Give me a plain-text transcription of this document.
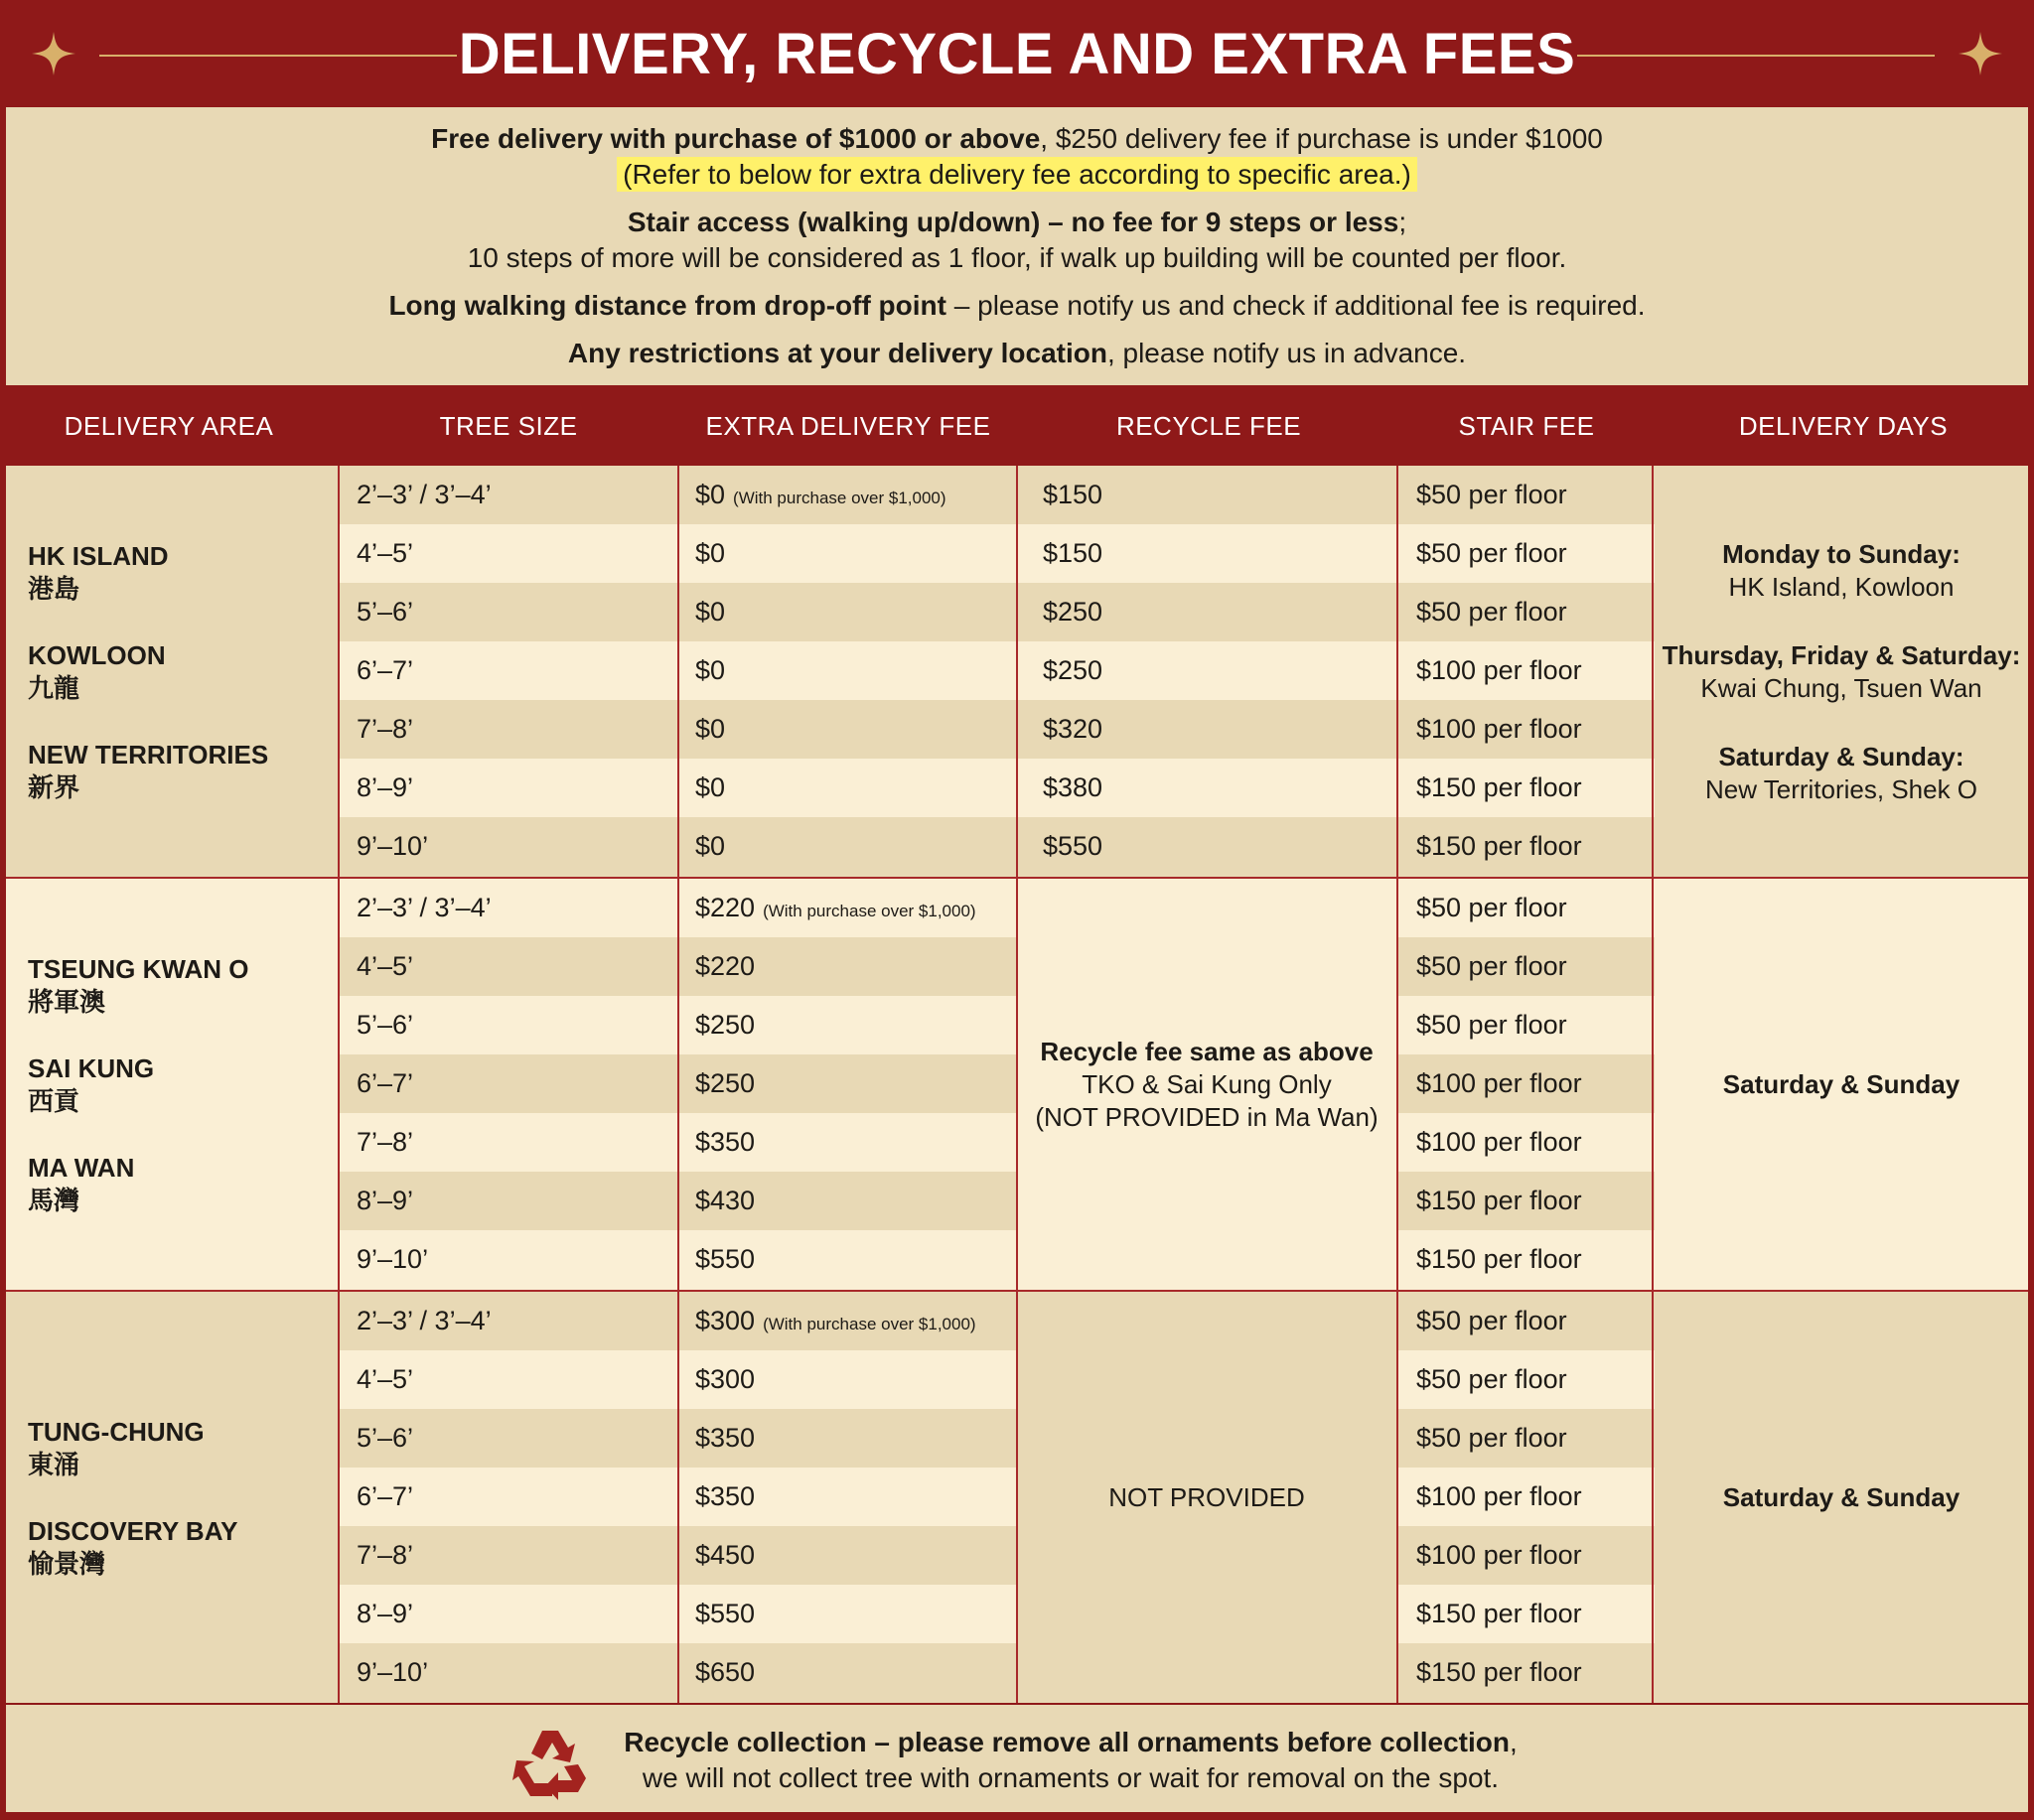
DELIVERY, RECYCLE AND EXTRA FEES

Free delivery with purchase of $1000 or above, $250 delivery fee if purchase is under $1000

(Refer to below for extra delivery fee according to specific area.)

Stair access (walking up/down) – no fee for 9 steps or less;

10 steps of more will be considered as 1 floor, if walk up building will be counted per floor.

Long walking distance from drop-off point – please notify us and check if additional fee is required.

Any restrictions at your delivery location, please notify us in advance.

DELIVERY AREA	TREE SIZE	EXTRA DELIVERY FEE	RECYCLE FEE	STAIR FEE	DELIVERY DAYS
HK ISLAND
港島
KOWLOON
九龍
NEW TERRITORIES
新界
2’–3’ / 3’–4’	$0 (With purchase over $1,000)	$150	$50 per floor
4’–5’	$0	$150	$50 per floor
5’–6’	$0	$250	$50 per floor
6’–7’	$0	$250	$100 per floor
7’–8’	$0	$320	$100 per floor
8’–9’	$0	$380	$150 per floor
9’–10’	$0	$550	$150 per floor
Monday to Sunday:
HK Island, Kowloon
Thursday, Friday & Saturday:
Kwai Chung, Tsuen Wan
Saturday & Sunday:
New Territories, Shek O
TSEUNG KWAN O
將軍澳
SAI KUNG
西貢
MA WAN
馬灣
2’–3’ / 3’–4’	$220 (With purchase over $1,000)	$50 per floor
4’–5’	$220	$50 per floor
5’–6’	$250	$50 per floor
6’–7’	$250	$100 per floor
7’–8’	$350	$100 per floor
8’–9’	$430	$150 per floor
9’–10’	$550	$150 per floor
Recycle fee same as above
TKO & Sai Kung Only
(NOT PROVIDED in Ma Wan)
Saturday & Sunday
TUNG-CHUNG
東涌
DISCOVERY BAY
愉景灣
2’–3’ / 3’–4’	$300 (With purchase over $1,000)	$50 per floor
4’–5’	$300	$50 per floor
5’–6’	$350	$50 per floor
6’–7’	$350	$100 per floor
7’–8’	$450	$100 per floor
8’–9’	$550	$150 per floor
9’–10’	$650	$150 per floor
NOT PROVIDED	Saturday & Sunday
Recycle collection – please remove all ornaments before collection,
we will not collect tree with ornaments or wait for removal on the spot.
